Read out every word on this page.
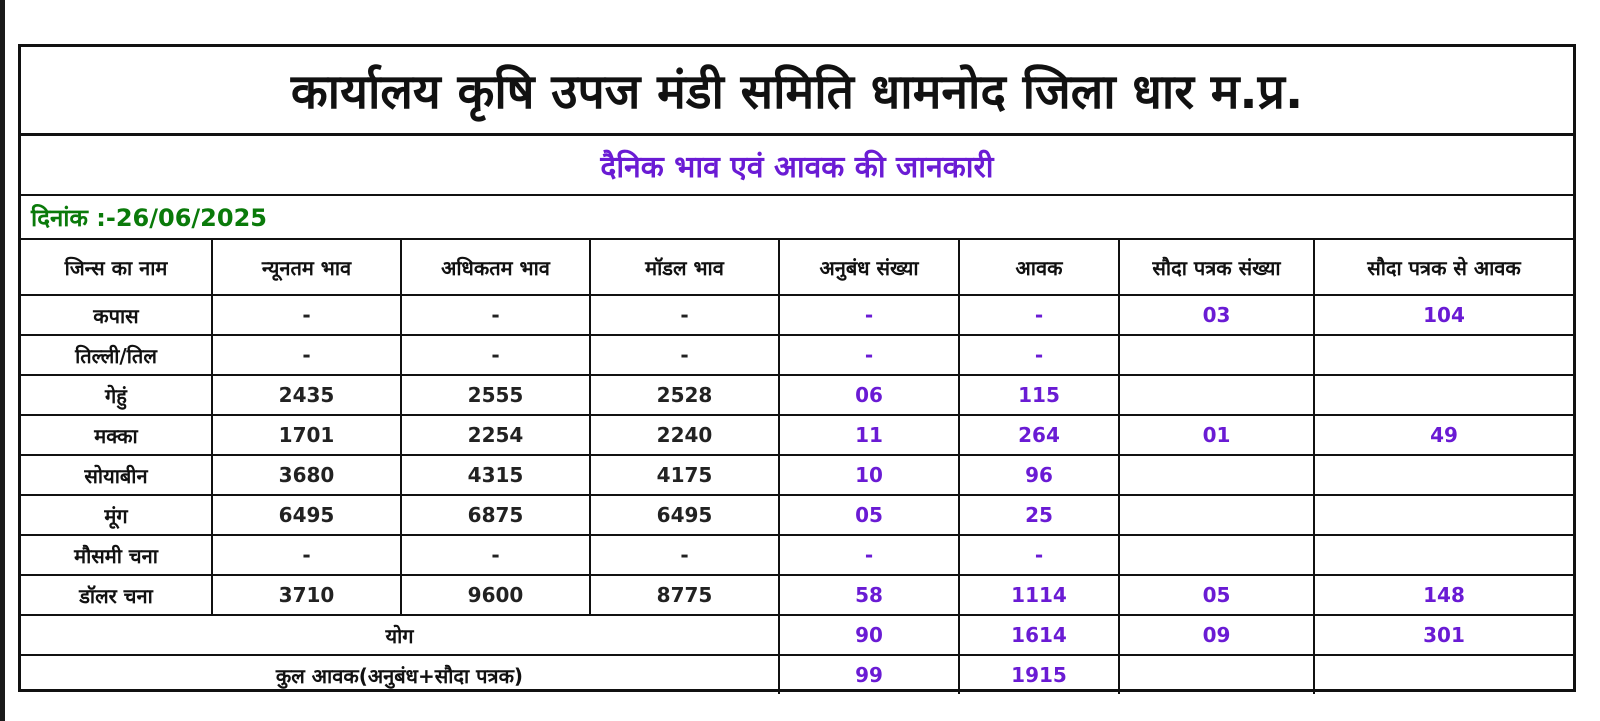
कार्यालय कृषि उपज मंडी समिति धामनोद जिला धार म.प्र.
दैनिक भाव एवं आवक की जानकारी
दिनांक :-26/06/2025
जिन्स का नाम	न्यूनतम भाव	अधिकतम भाव	मॉडल भाव	अनुबंध संख्या	आवक	सौदा पत्रक संख्या	सौदा पत्रक से आवक
कपास	-	-	-	-	-	03	104
तिल्ली/तिल	-	-	-	-	-		
गेहुं	2435	2555	2528	06	115		
मक्का	1701	2254	2240	11	264	01	49
सोयाबीन	3680	4315	4175	10	96		
मूंग	6495	6875	6495	05	25		
मौसमी चना	-	-	-	-	-		
डॉलर चना	3710	9600	8775	58	1114	05	148
योग				90	1614	09	301
कुल आवक(अनुबंध+सौदा पत्रक)				99	1915		
